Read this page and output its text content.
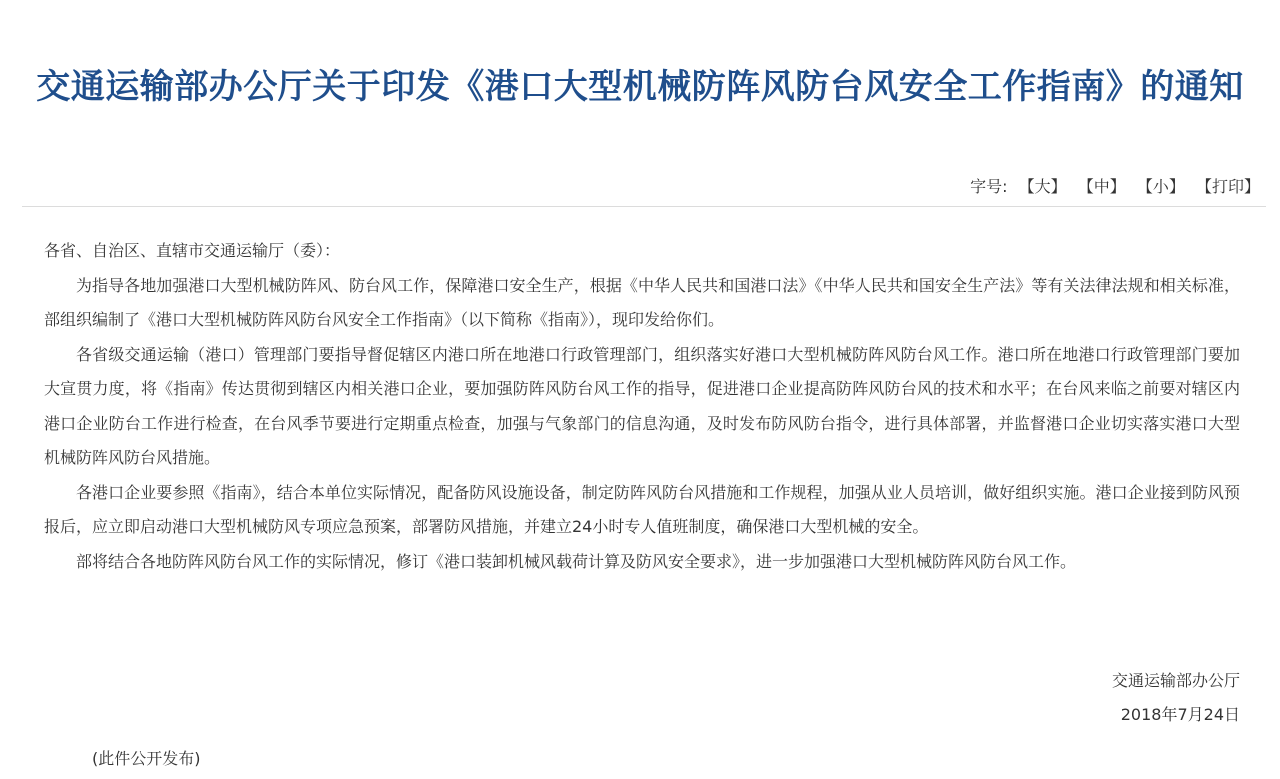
交通运输部办公厅关于印发《港口大型机械防阵风防台风安全工作指南》的通知
字号: 【大】 【中】 【小】 【打印】

各省、自治区、直辖市交通运输厅（委）：

为指导各地加强港口大型机械防阵风、防台风工作，保障港口安全生产，根据《中华人民共和国港口法》《中华人民共和国安全生产法》等有关法律法规和相关标准，部组织编制了《港口大型机械防阵风防台风安全工作指南》（以下简称《指南》），现印发给你们。

各省级交通运输（港口）管理部门要指导督促辖区内港口所在地港口行政管理部门，组织落实好港口大型机械防阵风防台风工作。港口所在地港口行政管理部门要加大宣贯力度，将《指南》传达贯彻到辖区内相关港口企业，要加强防阵风防台风工作的指导，促进港口企业提高防阵风防台风的技术和水平；在台风来临之前要对辖区内港口企业防台工作进行检查，在台风季节要进行定期重点检查，加强与气象部门的信息沟通，及时发布防风防台指令，进行具体部署，并监督港口企业切实落实港口大型机械防阵风防台风措施。

各港口企业要参照《指南》，结合本单位实际情况，配备防风设施设备，制定防阵风防台风措施和工作规程，加强从业人员培训，做好组织实施。港口企业接到防风预报后，应立即启动港口大型机械防风专项应急预案，部署防风措施，并建立24小时专人值班制度，确保港口大型机械的安全。

部将结合各地防阵风防台风工作的实际情况，修订《港口装卸机械风载荷计算及防风安全要求》，进一步加强港口大型机械防阵风防台风工作。

交通运输部办公厅
2018年7月24日
(此件公开发布)
